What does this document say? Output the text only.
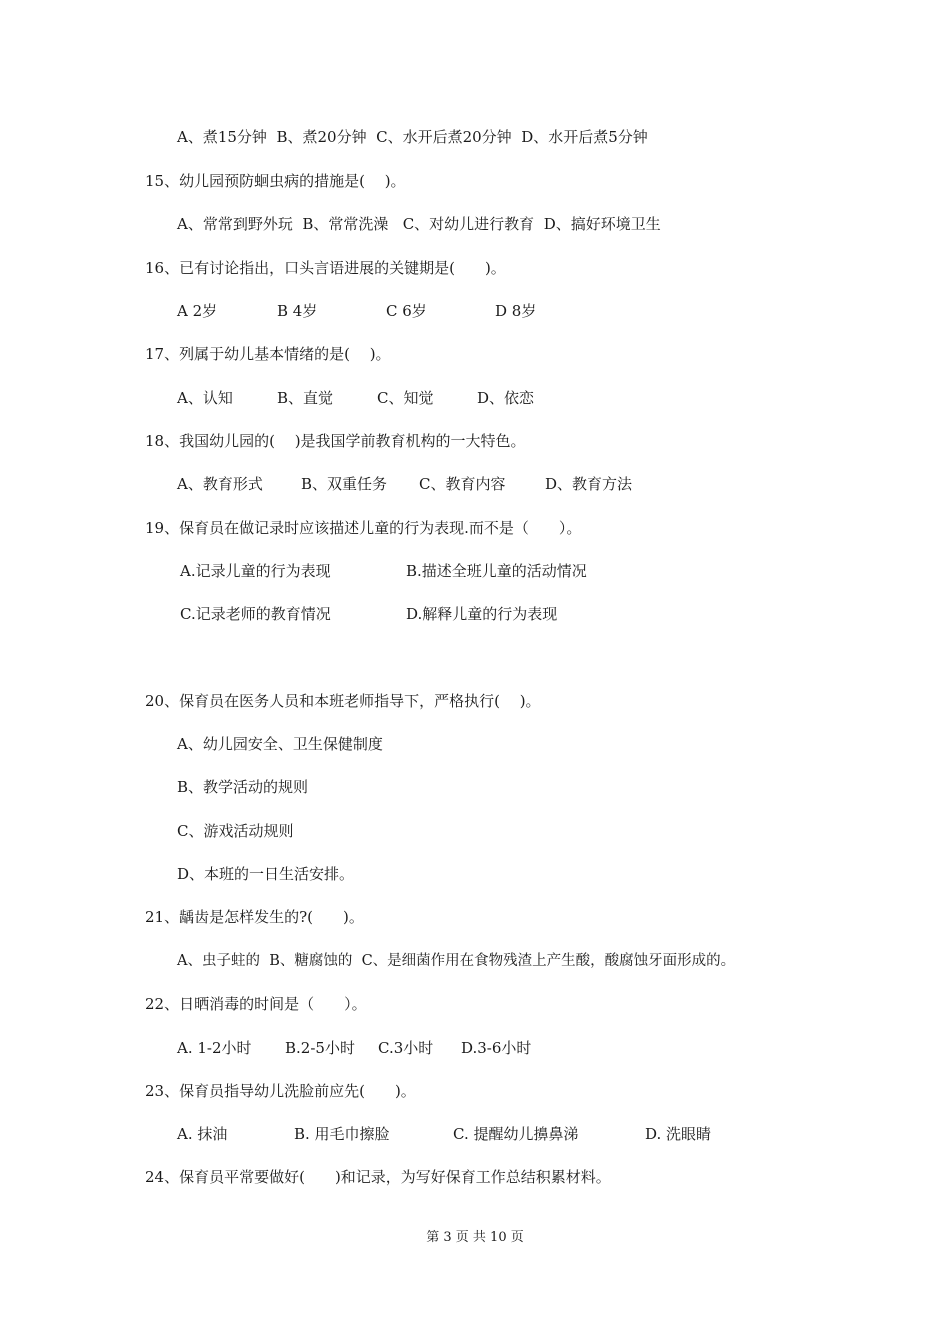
A、煮15分钟  B、煮20分钟  C、水开后煮20分钟  D、水开后煮5分钟
15、幼儿园预防蛔虫病的措施是(　 )。
A、常常到野外玩  B、常常洗澡   C、对幼儿进行教育  D、搞好环境卫生
16、已有讨论指出，口头言语进展的关键期是(　　)。

A 2岁

	B 4岁

	C 6岁

	D 8岁

17、列属于幼儿基本情绪的是(　 )。

A、认知

	B、直觉

	C、知觉

	D、依恋

18、我国幼儿园的(　 )是我国学前教育机构的一大特色。

A、教育形式

	B、双重任务

C、教育内容

	D、教育方法

19、保育员在做记录时应该描述儿童的行为表现.而不是（　　）。

A.记录儿童的行为表现

	B.描述全班儿童的活动情况

C.记录老师的教育情况

	D.解释儿童的行为表现

20、保育员在医务人员和本班老师指导下，严格执行(　 )。
A、幼儿园安全、卫生保健制度
B、教学活动的规则
C、游戏活动规则
D、本班的一日生活安排。
21、龋齿是怎样发生的?(　　)。
A、虫子蛀的  B、糖腐蚀的  C、是细菌作用在食物残渣上产生酸，酸腐蚀牙面形成的。
22、日晒消毒的时间是（　　）。

A. 1-2小时

B.2-5小时

C.3小时

D.3-6小时

23、保育员指导幼儿洗脸前应先(　　)。

A. 抹油

	B. 用毛巾擦脸

	C. 提醒幼儿擤鼻涕

	D. 洗眼睛

24、保育员平常要做好(　　)和记录，为写好保育工作总结积累材料。
第 3 页 共 10 页
